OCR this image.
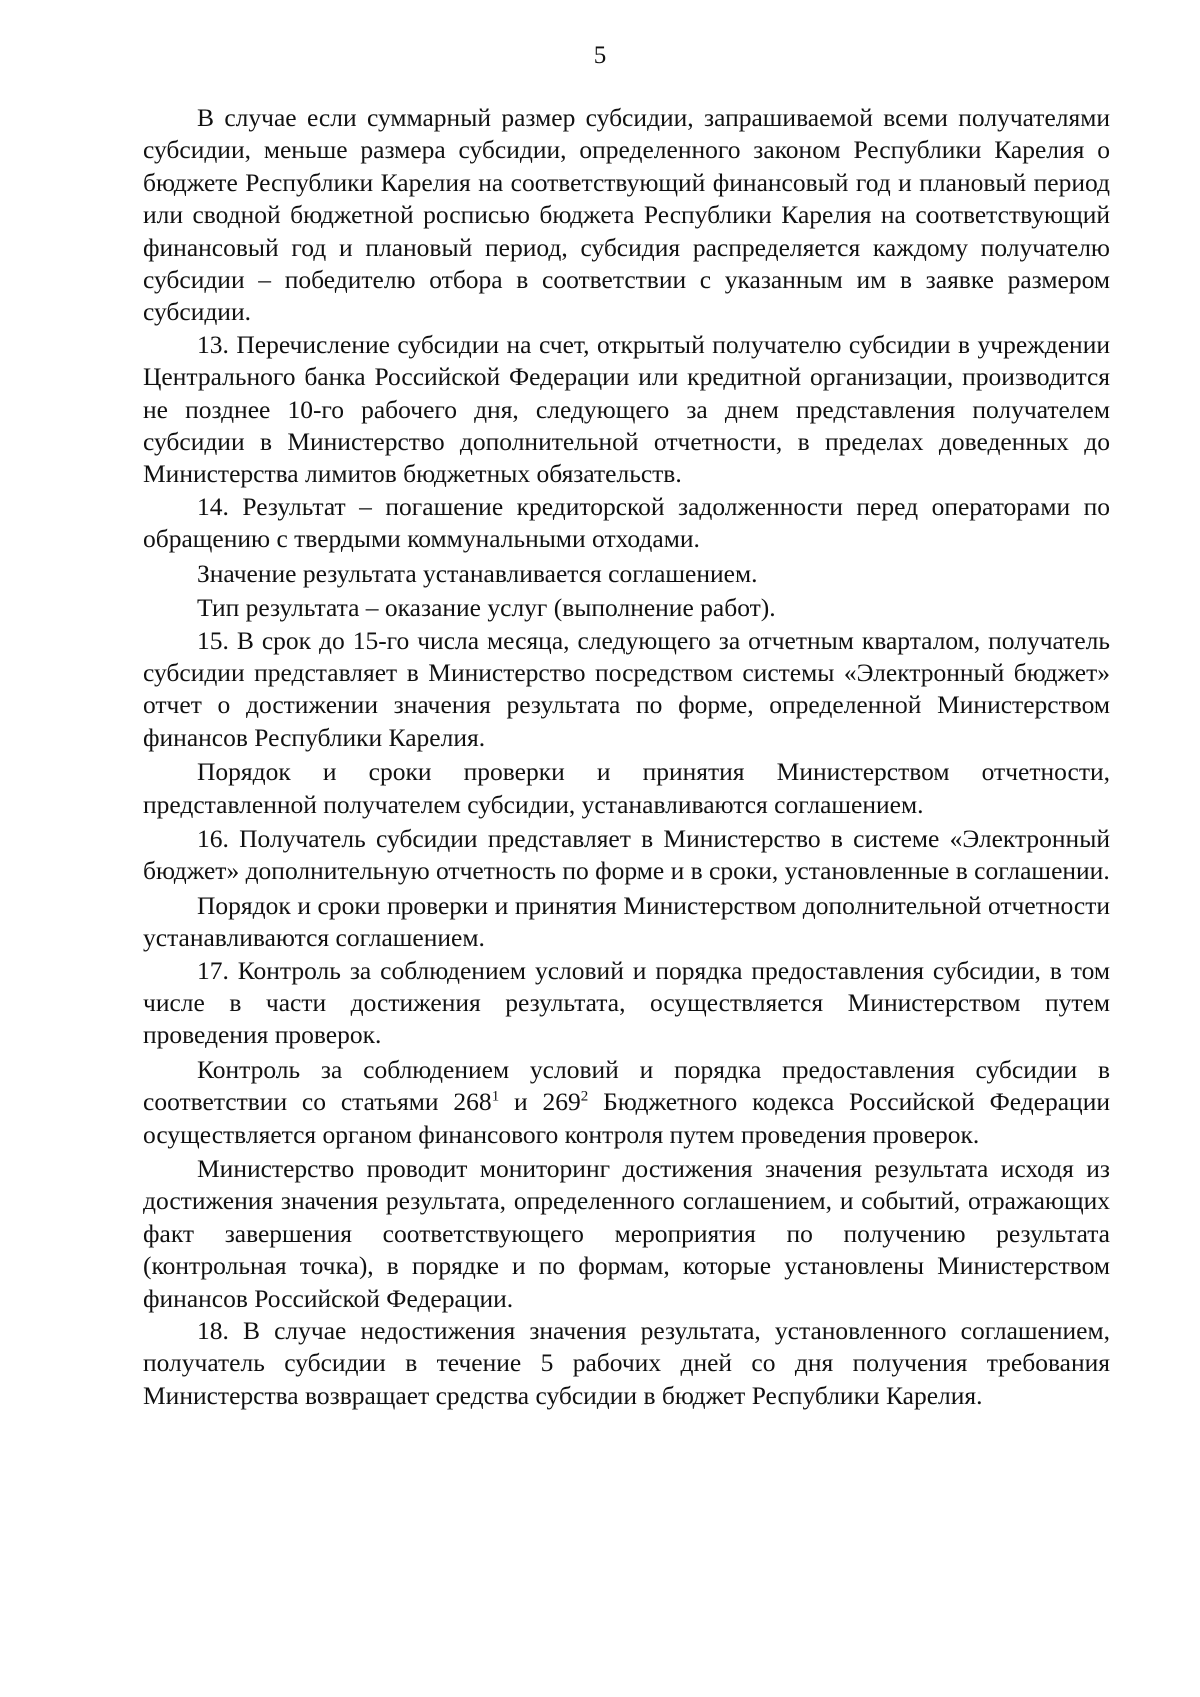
5

В случае если суммарный размер субсидии, запрашиваемой всеми получателями субсидии, меньше размера субсидии, определенного законом Республики Карелия о бюджете Республики Карелия на соответствующий финансовый год и плановый период или сводной бюджетной росписью бюджета Республики Карелия на соответствующий финансовый год и плановый период, субсидия распределяется каждому получателю субсидии – победителю отбора в соответствии с указанным им в заявке размером субсидии.

13. Перечисление субсидии на счет, открытый получателю субсидии в учреждении Центрального банка Российской Федерации или кредитной организации, производится не позднее 10-го рабочего дня, следующего за днем представления получателем субсидии в Министерство дополнительной отчетности, в пределах доведенных до Министерства лимитов бюджетных обязательств.

14. Результат – погашение кредиторской задолженности перед операторами по обращению с твердыми коммунальными отходами.

Значение результата устанавливается соглашением.

Тип результата – оказание услуг (выполнение работ).

15. В срок до 15-го числа месяца, следующего за отчетным кварталом, получатель субсидии представляет в Министерство посредством системы «Электронный бюджет» отчет о достижении значения результата по форме, определенной Министерством финансов Республики Карелия.

Порядок и сроки проверки и принятия Министерством отчетности, представленной получателем субсидии, устанавливаются соглашением.

16. Получатель субсидии представляет в Министерство в системе «Электронный бюджет» дополнительную отчетность по форме и в сроки, установленные в соглашении.

Порядок и сроки проверки и принятия Министерством дополнительной отчетности устанавливаются соглашением.

17. Контроль за соблюдением условий и порядка предоставления субсидии, в том числе в части достижения результата, осуществляется Министерством путем проведения проверок.

Контроль за соблюдением условий и порядка предоставления субсидии в соответствии со статьями $268^1$ и $269^2$ Бюджетного кодекса Российской Федерации осуществляется органом финансового контроля путем проведения проверок.

Министерство проводит мониторинг достижения значения результата исходя из достижения значения результата, определенного соглашением, и событий, отражающих факт завершения соответствующего мероприятия по получению результата (контрольная точка), в порядке и по формам, которые установлены Министерством финансов Российской Федерации.

18. В случае недостижения значения результата, установленного соглашением, получатель субсидии в течение 5 рабочих дней со дня получения требования Министерства возвращает средства субсидии в бюджет Республики Карелия.
